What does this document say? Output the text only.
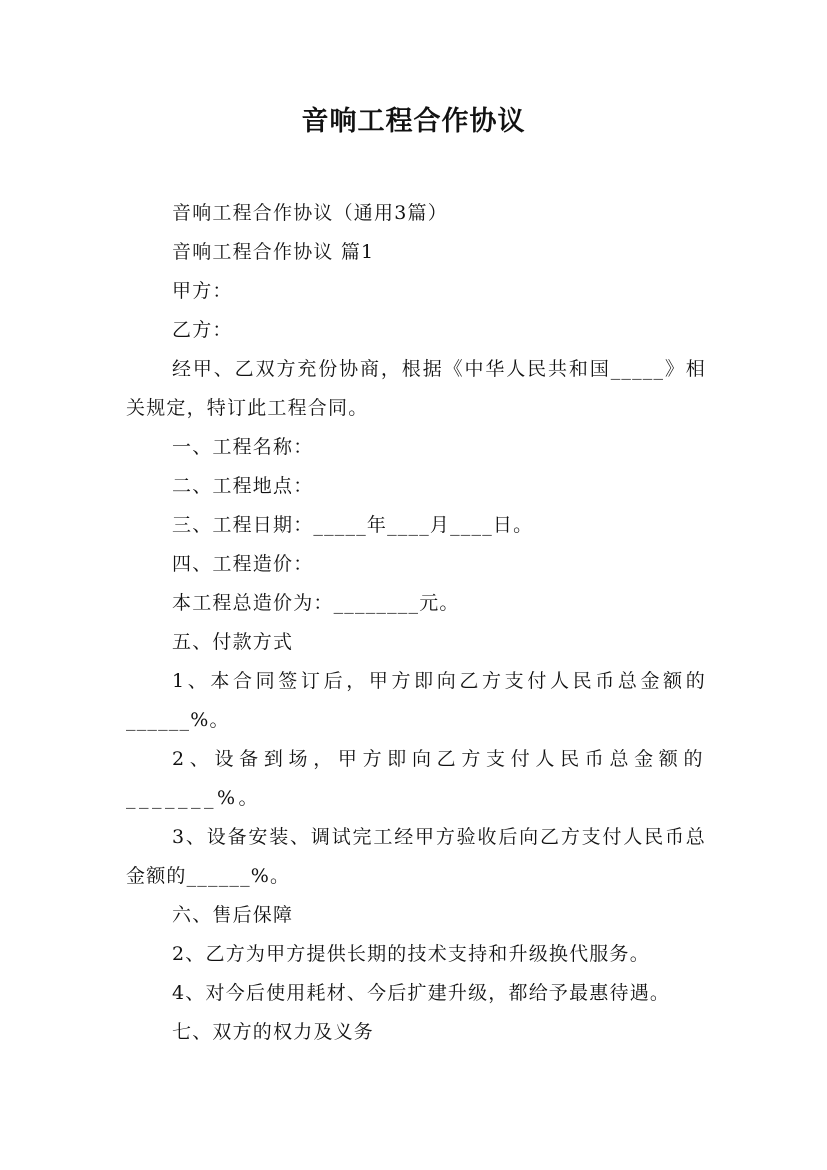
音响工程合作协议

音响工程合作协议（通用3篇）

音响工程合作协议 篇1

甲方：

乙方：

经甲、乙双方充份协商，根据《中华人民共和国_____》相关规定，特订此工程合同。

一、工程名称：

二、工程地点：

三、工程日期：_____年____月____日。

四、工程造价：

本工程总造价为：________元。

五、付款方式

1、本合同签订后，甲方即向乙方支付人民币总金额的______%。

2、设备到场，甲方即向乙方支付人民币总金额的_______%。

3、设备安装、调试完工经甲方验收后向乙方支付人民币总金额的______%。

六、售后保障

2、乙方为甲方提供长期的技术支持和升级换代服务。

4、对今后使用耗材、今后扩建升级，都给予最惠待遇。

七、双方的权力及义务
